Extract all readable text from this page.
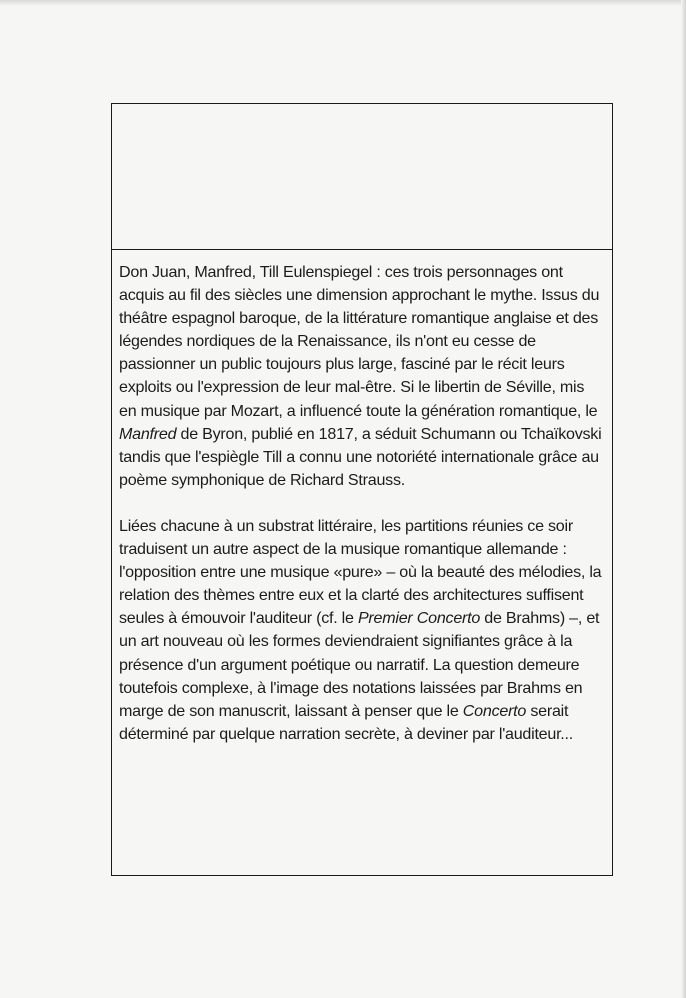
Don Juan, Manfred, Till Eulenspiegel : ces trois personnages ont acquis au fil des siècles une dimension approchant le mythe. Issus du théâtre espagnol baroque, de la littérature romantique anglaise et des légendes nordiques de la Renaissance, ils n'ont eu cesse de passionner un public toujours plus large, fasciné par le récit leurs exploits ou l'expression de leur mal-être. Si le libertin de Séville, mis en musique par Mozart, a influencé toute la génération romantique, le Manfred de Byron, publié en 1817, a séduit Schumann ou Tchaïkovski tandis que l'espiègle Till a connu une notoriété internationale grâce au poème symphonique de Richard Strauss.

Liées chacune à un substrat littéraire, les partitions réunies ce soir traduisent un autre aspect de la musique romantique allemande : l'opposition entre une musique «pure» – où la beauté des mélodies, la relation des thèmes entre eux et la clarté des architectures suffisent seules à émouvoir l'auditeur (cf. le Premier Concerto de Brahms) –, et un art nouveau où les formes deviendraient signifiantes grâce à la présence d'un argument poétique ou narratif. La question demeure toutefois complexe, à l'image des notations laissées par Brahms en marge de son manuscrit, laissant à penser que le Concerto serait déterminé par quelque narration secrète, à deviner par l'auditeur...
